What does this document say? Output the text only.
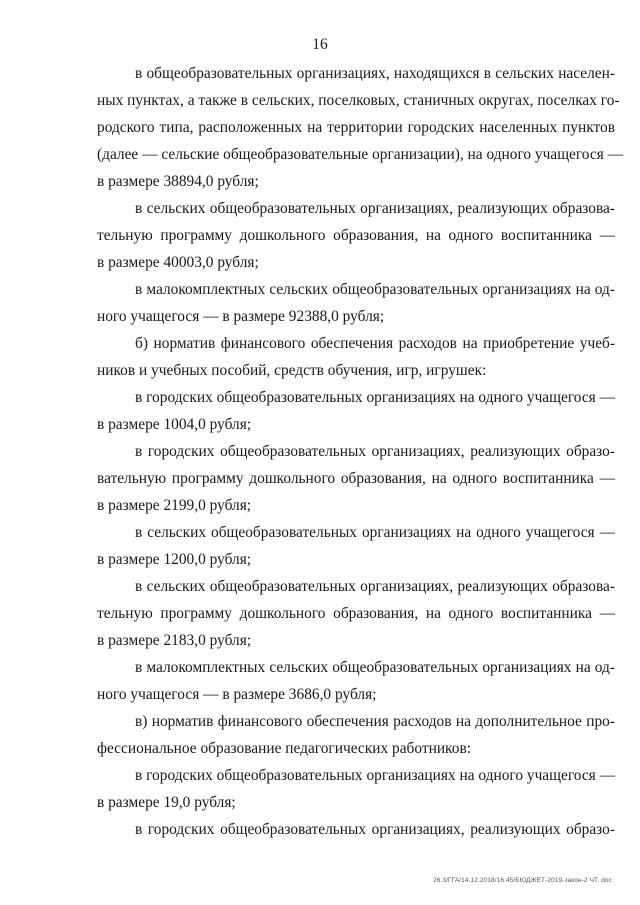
16

в общеобразовательных организациях, находящихся в сельских населен-
ных пунктах, а также в сельских, поселковых, станичных округах, поселках го-
родского типа, расположенных на территории городских населенных пунктов
(далее — сельские общеобразовательные организации), на одного учащегося —
в размере 38894,0 рубля;

в сельских общеобразовательных организациях, реализующих образова-
тельную программу дошкольного образования, на одного воспитанника —
в размере 40003,0 рубля;

в малокомплектных сельских общеобразовательных организациях на од-
ного учащегося — в размере 92388,0 рубля;

б) норматив финансового обеспечения расходов на приобретение учеб-
ников и учебных пособий, средств обучения, игр, игрушек:

в городских общеобразовательных организациях на одного учащегося —
в размере 1004,0 рубля;

в городских общеобразовательных организациях, реализующих образо-
вательную программу дошкольного образования, на одного воспитанника —
в размере 2199,0 рубля;

в сельских общеобразовательных организациях на одного учащегося —
в размере 1200,0 рубля;

в сельских общеобразовательных организациях, реализующих образова-
тельную программу дошкольного образования, на одного воспитанника —
в размере 2183,0 рубля;

в малокомплектных сельских общеобразовательных организациях на од-
ного учащегося — в размере 3686,0 рубля;

в) норматив финансового обеспечения расходов на дополнительное про-
фессиональное образование педагогических работников:

в городских общеобразовательных организациях на одного учащегося —
в размере 19,0 рубля;

в городских общеобразовательных организациях, реализующих образо-

26.3/ГГА/14.12.2018/16.45/БЮДЖЕТ-2019-закон-2 ЧТ. doc
